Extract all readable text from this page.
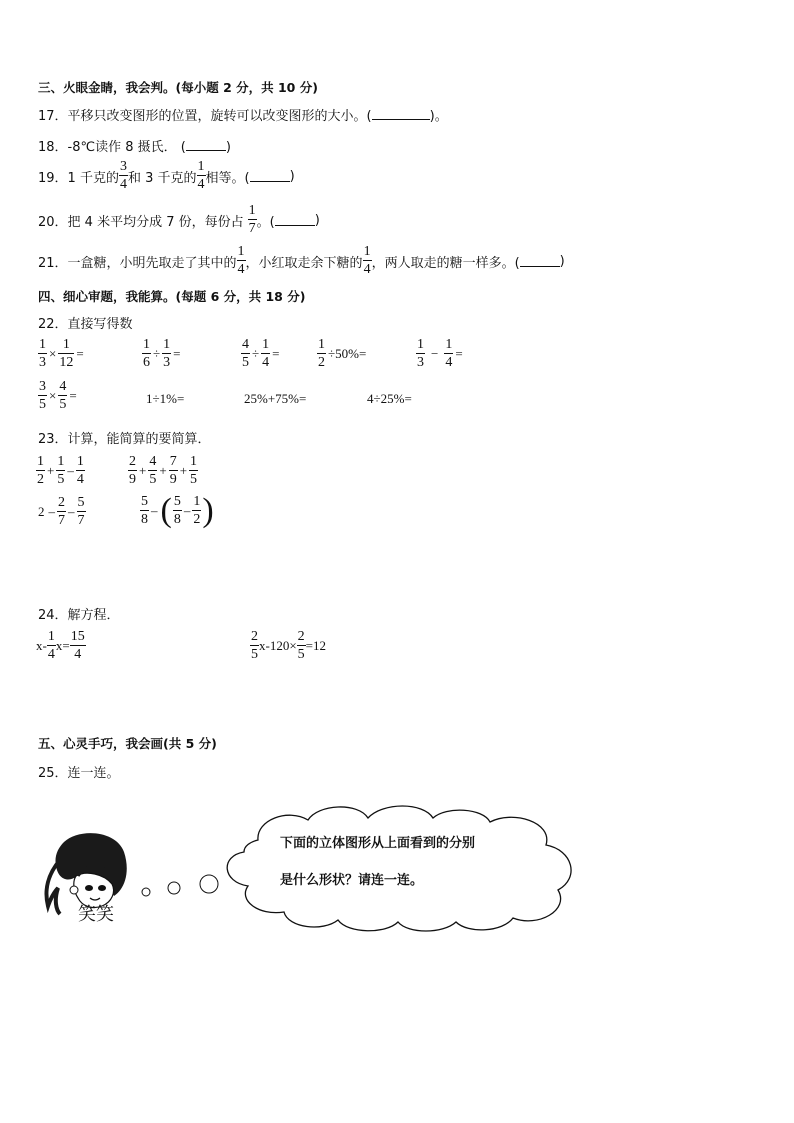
三、火眼金睛，我会判。(每小题 2 分，共 10 分)
17．平移只改变图形的位置，旋转可以改变图形的大小。(	)。
18．-8℃读作 8 摄氏． (	)
19．1 千克的 $\frac{3}{4}$ 和 3 千克的 $\frac{1}{4}$ 相等。(	)
20．把 4 米平均分成 7 份，每份占 $\frac{1}{7}$ 。(	)
21．一盒糖，小明先取走了其中的 $\frac{1}{4}$ ，小红取走余下糖的 $\frac{1}{4}$ ，两人取走的糖一样多。(	)
四、细心审题，我能算。(每题 6 分，共 18 分)
22．直接写得数
$\frac{1}{3} \times \frac{1}{12}$ =	$\frac{1}{6} \div \frac{1}{3}$ =	$\frac{4}{5} \div \frac{1}{4}$ =	$\frac{1}{2} \div 50\%=$	$\frac{1}{3} - \frac{1}{4}$ =
$\frac{3}{5} \times \frac{4}{5}$ =	1÷1%=	25%+75%=	4÷25%=
23．计算，能简算的要简算．
$\frac{1}{2} + \frac{1}{5} - \frac{1}{4}$	$\frac{2}{9} + \frac{4}{5} + \frac{7}{9} + \frac{1}{5}$
$2 - \frac{2}{7} - \frac{5}{7}$	$\frac{5}{8}$ – ( $\frac{5}{8} - \frac{1}{2}$ )
24．解方程．
$x- \frac{1}{4} x= \frac{15}{4}$	$\frac{2}{5} x-120\times \frac{2}{5} =12$
五、心灵手巧，我会画(共 5 分)
25．连一连。
笑笑
下面的立体图形从上面看到的分别
是什么形状？请连一连。
